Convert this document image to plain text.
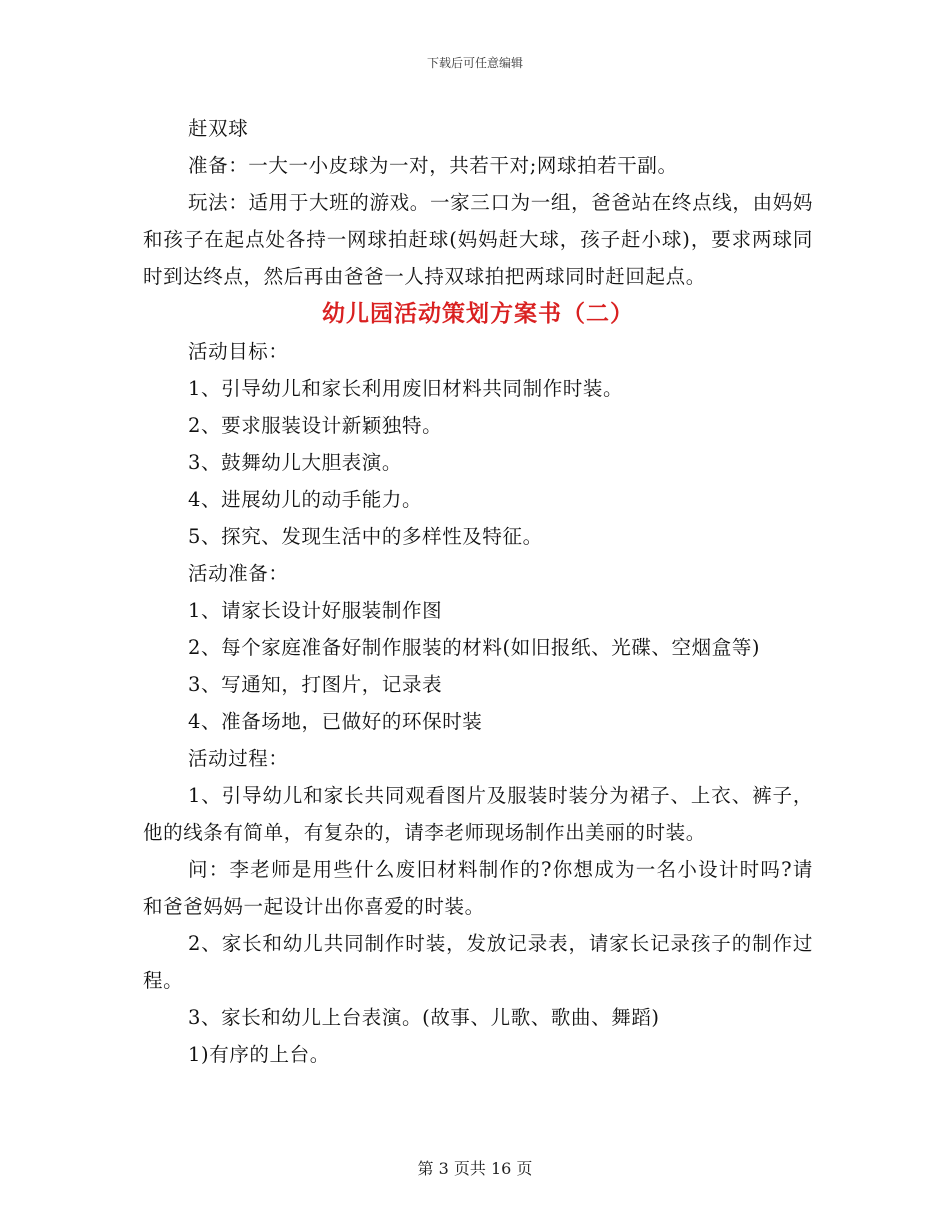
下载后可任意编辑

赶双球

准备：一大一小皮球为一对，共若干对;网球拍若干副。

玩法：适用于大班的游戏。一家三口为一组，爸爸站在终点线，由妈妈和孩子在起点处各持一网球拍赶球(妈妈赶大球，孩子赶小球)，要求两球同时到达终点，然后再由爸爸一人持双球拍把两球同时赶回起点。

幼儿园活动策划方案书（二）

活动目标：

1、引导幼儿和家长利用废旧材料共同制作时装。

2、要求服装设计新颖独特。

3、鼓舞幼儿大胆表演。

4、进展幼儿的动手能力。

5、探究、发现生活中的多样性及特征。

活动准备：

1、请家长设计好服装制作图

2、每个家庭准备好制作服装的材料(如旧报纸、光碟、空烟盒等)

3、写通知，打图片，记录表

4、准备场地，已做好的环保时装

活动过程：

1、引导幼儿和家长共同观看图片及服装时装分为裙子、上衣、裤子，他的线条有简单，有复杂的，请李老师现场制作出美丽的时装。

问：李老师是用些什么废旧材料制作的?你想成为一名小设计时吗?请和爸爸妈妈一起设计出你喜爱的时装。

2、家长和幼儿共同制作时装，发放记录表，请家长记录孩子的制作过程。

3、家长和幼儿上台表演。(故事、儿歌、歌曲、舞蹈)

1)有序的上台。

第 3 页共 16 页
